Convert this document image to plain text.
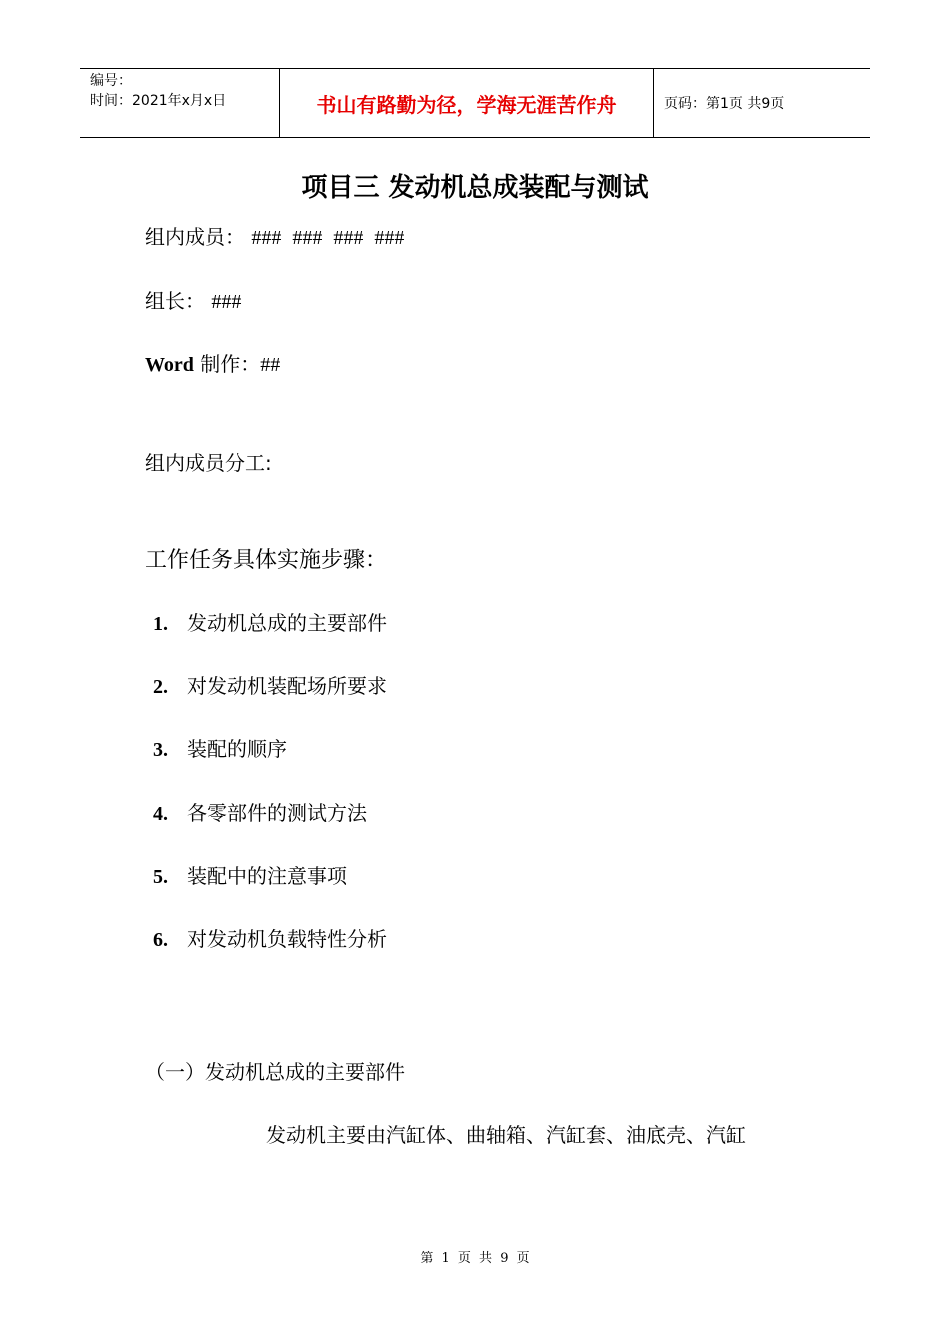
编号：
时间：2021年x月x日	书山有路勤为径，学海无涯苦作舟	页码：第1页 共9页
项目三 发动机总成装配与测试
组内成员： ### ### ### ###
组长： ###
Word 制作：##
组内成员分工:
工作任务具体实施步骤：
1. 发动机总成的主要部件
2. 对发动机装配场所要求
3. 装配的顺序
4. 各零部件的测试方法
5. 装配中的注意事项
6. 对发动机负载特性分析
（一）发动机总成的主要部件
发动机主要由汽缸体、曲轴箱、汽缸套、油底壳、汽缸
第 1 页 共 9 页
